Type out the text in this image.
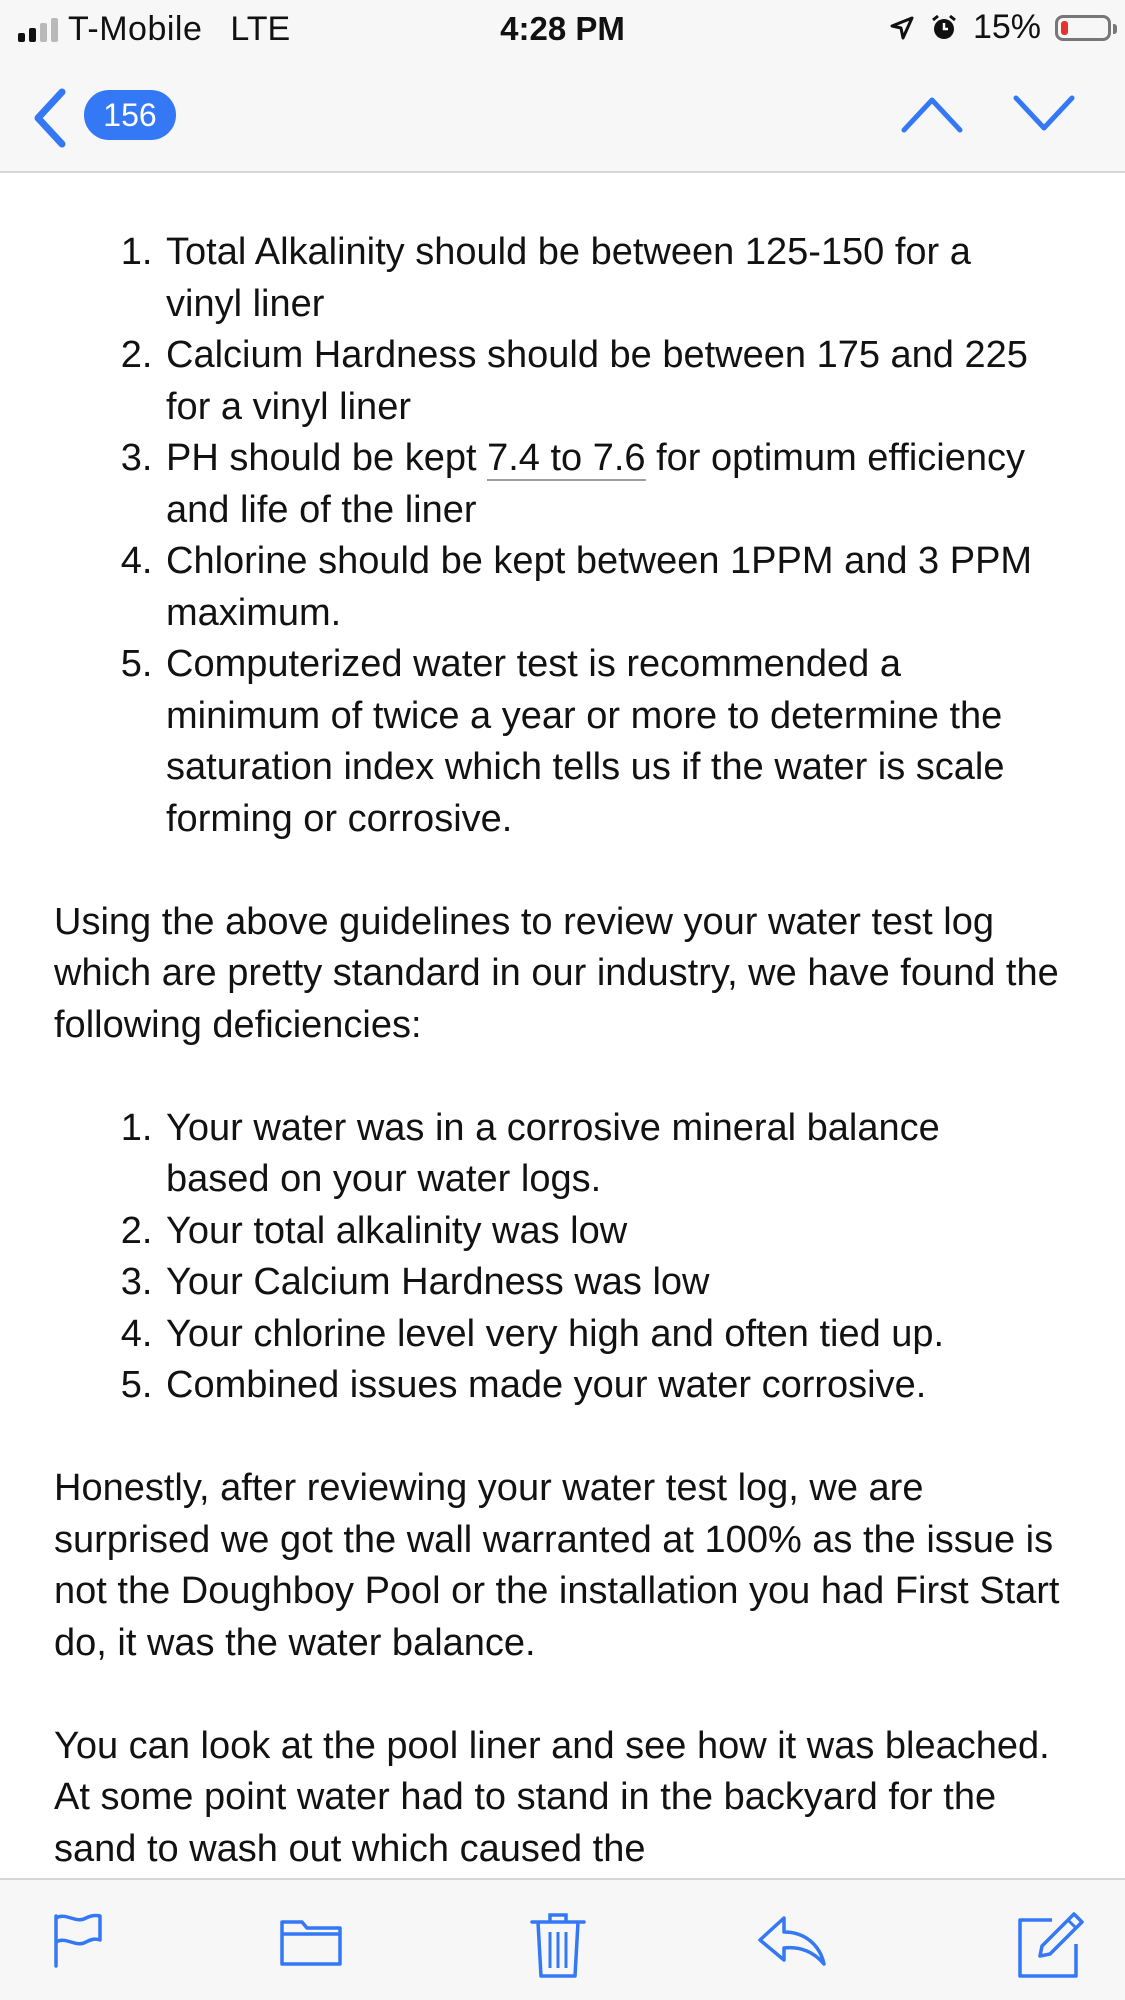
T-Mobile LTE	4:28 PM	15%
156
1. Total Alkalinity should be between 125-150 for a vinyl liner
2. Calcium Hardness should be between 175 and 225 for a vinyl liner
3. PH should be kept 7.4 to 7.6 for optimum efficiency and life of the liner
4. Chlorine should be kept between 1PPM and 3 PPM maximum.
5. Computerized water test is recommended a minimum of twice a year or more to determine the saturation index which tells us if the water is scale forming or corrosive.

Using the above guidelines to review your water test log which are pretty standard in our industry, we have found the following deficiencies:

1. Your water was in a corrosive mineral balance based on your water logs.
2. Your total alkalinity was low
3. Your Calcium Hardness was low
4. Your chlorine level very high and often tied up.
5. Combined issues made your water corrosive.

Honestly, after reviewing your water test log, we are surprised we got the wall warranted at 100% as the issue is not the Doughboy Pool or the installation you had First Start do, it was the water balance.

You can look at the pool liner and see how it was bleached. At some point water had to stand in the backyard for the sand to wash out which caused the
